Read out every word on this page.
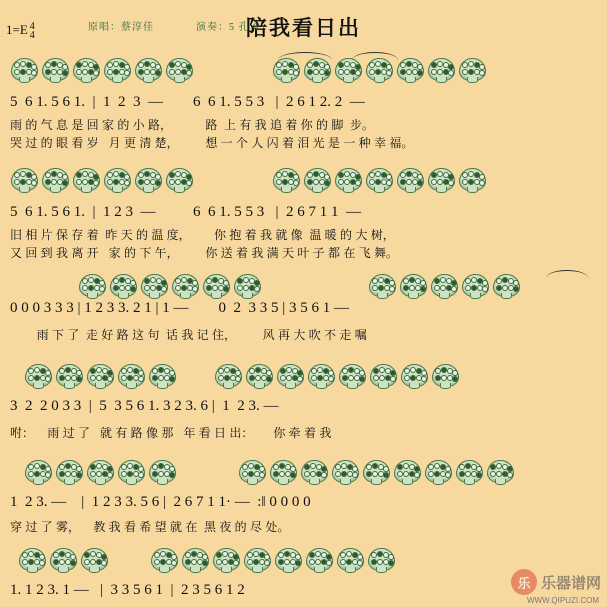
陪我看日出
1=E 4
4
原唱：蔡淳佳	演奏：5 孔 6
5  6 1. 5 6 1.  |  1  2  3  —        6  6 1. 5 5 3   |  2 6 1 2. 2  —
雨 的 气 息 是 回 家 的 小 路，          路  上 有 我 追 着 你 的 脚  步。
哭 过 的 眼 看 岁   月 更 清 楚，        想 一 个 人 闪 着 泪 光 是 一 种 幸 福。
5  6 1. 5 6 1.  |  1 2 3  —          6  6 1. 5 5 3   |  2 6 7 1 1  —
旧 相 片 保 存 着  昨 天 的 温 度，       你 抱 着 我 就 像  温 暖 的 大 树，
又 回 到 我 离 开   家 的 下 午，        你 送 着 我 满 天 叶 子 都 在 飞 舞。
0 0 0 3 3 3 | 1 2 3 3. 2 1 | 1 —        0  2  3 3 5 | 3 5 6 1 —
雨 下 了  走 好 路 这 句  话 我 记 住，        风 再 大 吹 不 走 嘱
3  2  2 0 3 3  |  5  3 5 6 1. 3 2 3. 6 |  1  2 3. —
咐：    雨 过 了   就 有 路 像 那   年 看 日 出：      你 牵 着 我
1  2 3. —    |  1 2 3 3. 5 6 |  2 6 7 1 1· —  :‖ 0 0 0 0
穿 过 了 雾，    教 我 看 希 望 就 在  黑 夜 的 尽 处。
1. 1 2 3. 1 —   |  3 3 5 6 1  |  2 3 5 6 1 2	乐 乐器谱网
WWW.QIPUZI.COM
